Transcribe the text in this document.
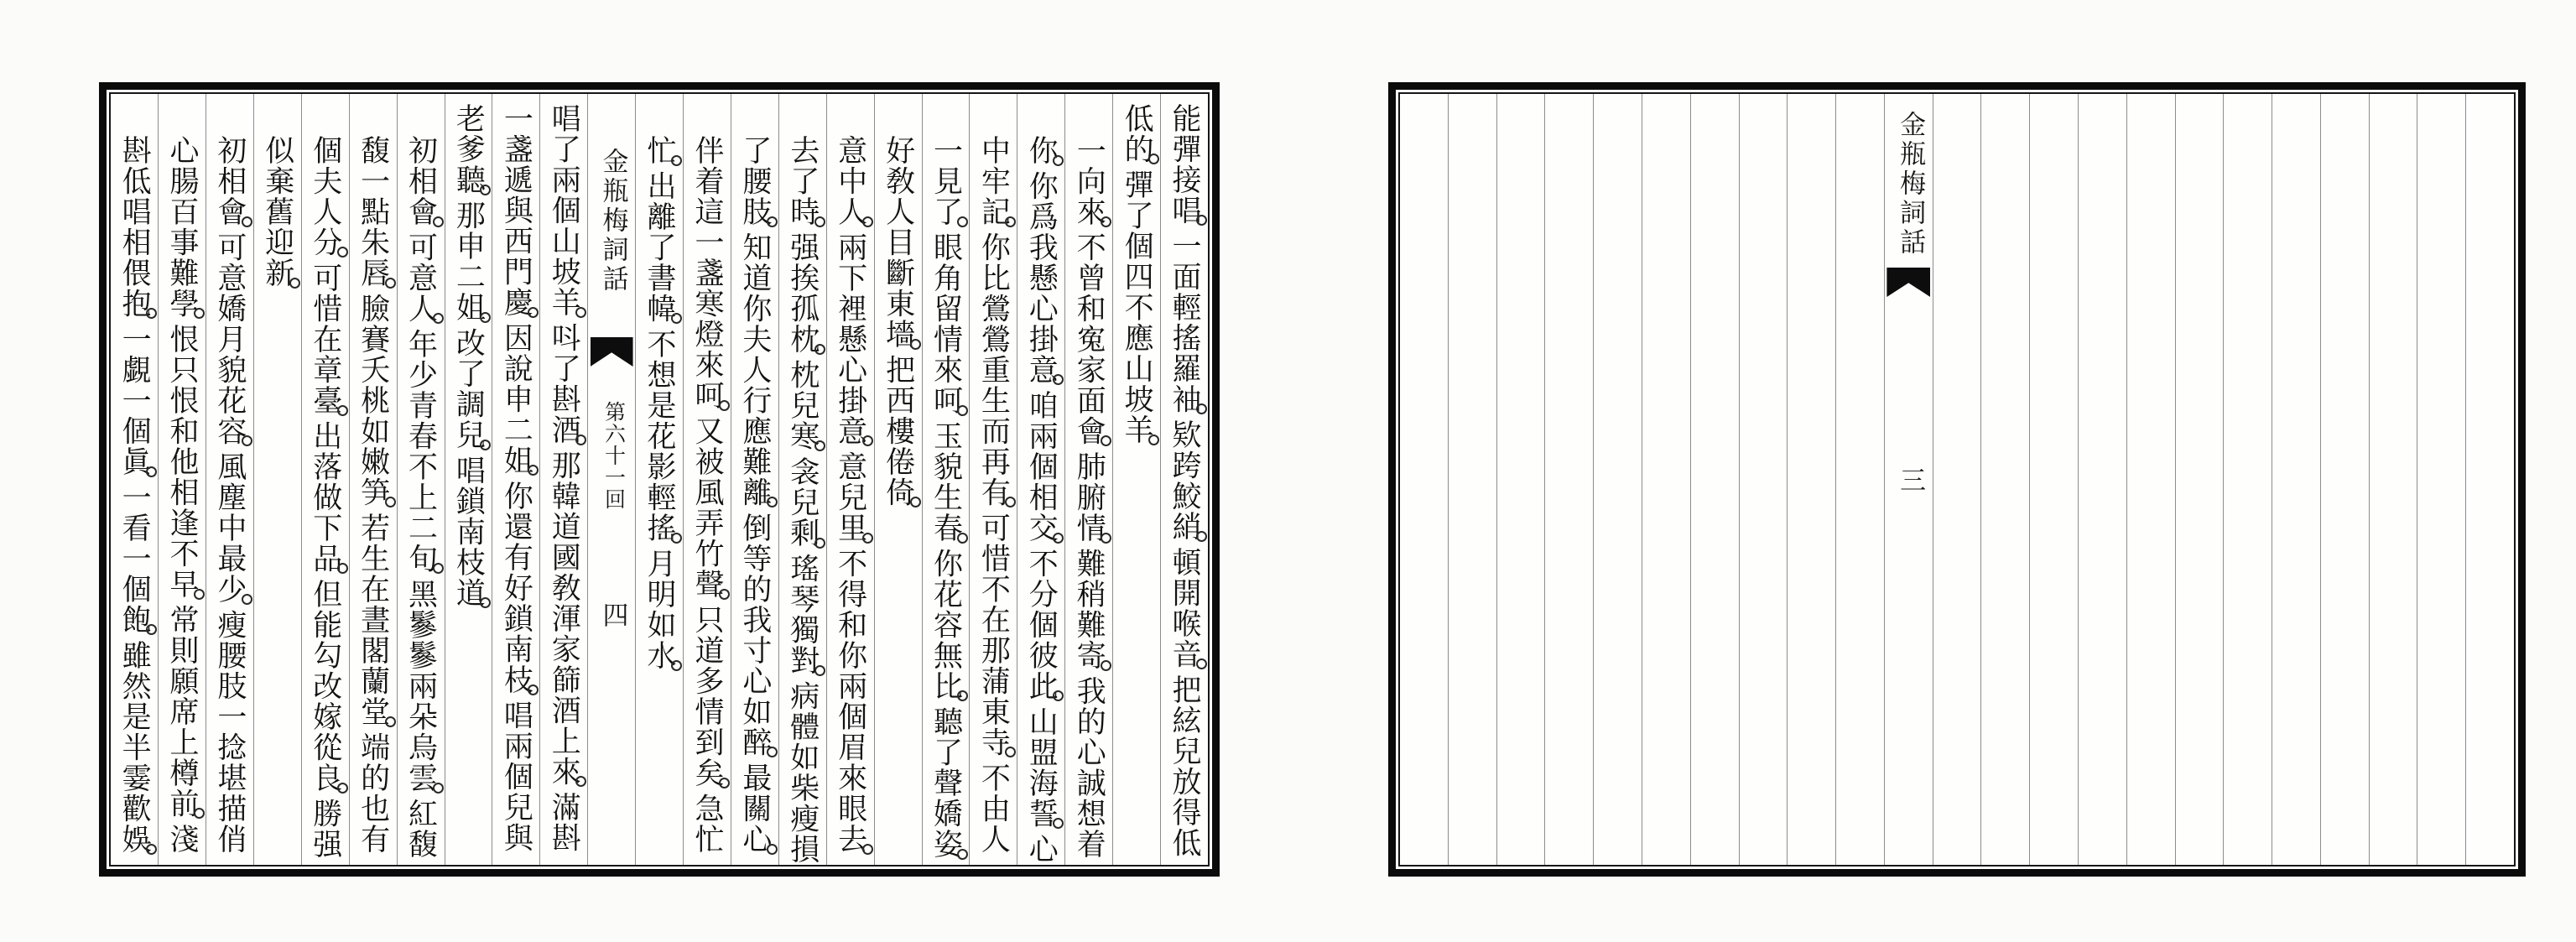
能彈接唱一面輕搖羅袖欵跨鮫綃頓開喉音把絃兒放得低
低的彈了個四不應山坡羊
一向來不曾和寃家面會肺腑情難稍難寄我的心誠想着
你你爲我懸心掛意咱兩個相交不分個彼此山盟海誓心
中牢記你比鶯鶯重生而再有可惜不在那蒲東寺不由人
一見了眼角留情來呵玉貌生春你花容無比聽了聲嬌姿
好敎人目斷東墻把西樓倦倚
意中人兩下裡懸心掛意意兒里不得和你兩個眉來眼去
去了時强挨孤枕枕兒寒衾兒剩瑤琴獨對病體如柴瘦損
了腰肢知道你夫人行應難離倒等的我寸心如醉最關心
伴着這一盞寒燈來呵又被風弄竹聲只道多情到矣急忙
忙出離了書幃不想是花影輕搖月明如水
唱了兩個山坡羊呌了斟酒那韓道國敎渾家篩酒上來滿斟
一盞遞與西門慶因說申二姐你還有好鎖南枝唱兩個兒與
老爹聽那申二姐改了調兒唱鎖南枝道
初相會可意人年少青春不上二旬黑鬖鬖兩朵烏雲紅馥
馥一點朱唇臉賽夭桃如嫩笋若生在晝閣蘭堂端的也有
個夫人分可惜在章臺出落做下品但能勾改嫁從良勝强
似棄舊迎新
初相會可意嬌月貌花容風塵中最少瘦腰肢一捻堪描俏
心腸百事難學恨只恨和他相逢不早常則願席上樽前淺
斟低唱相偎抱一覷一個眞一看一個飽雖然是半霎歡娛
金瓶梅詞話
第六十一回
四
金瓶梅詞話
三
